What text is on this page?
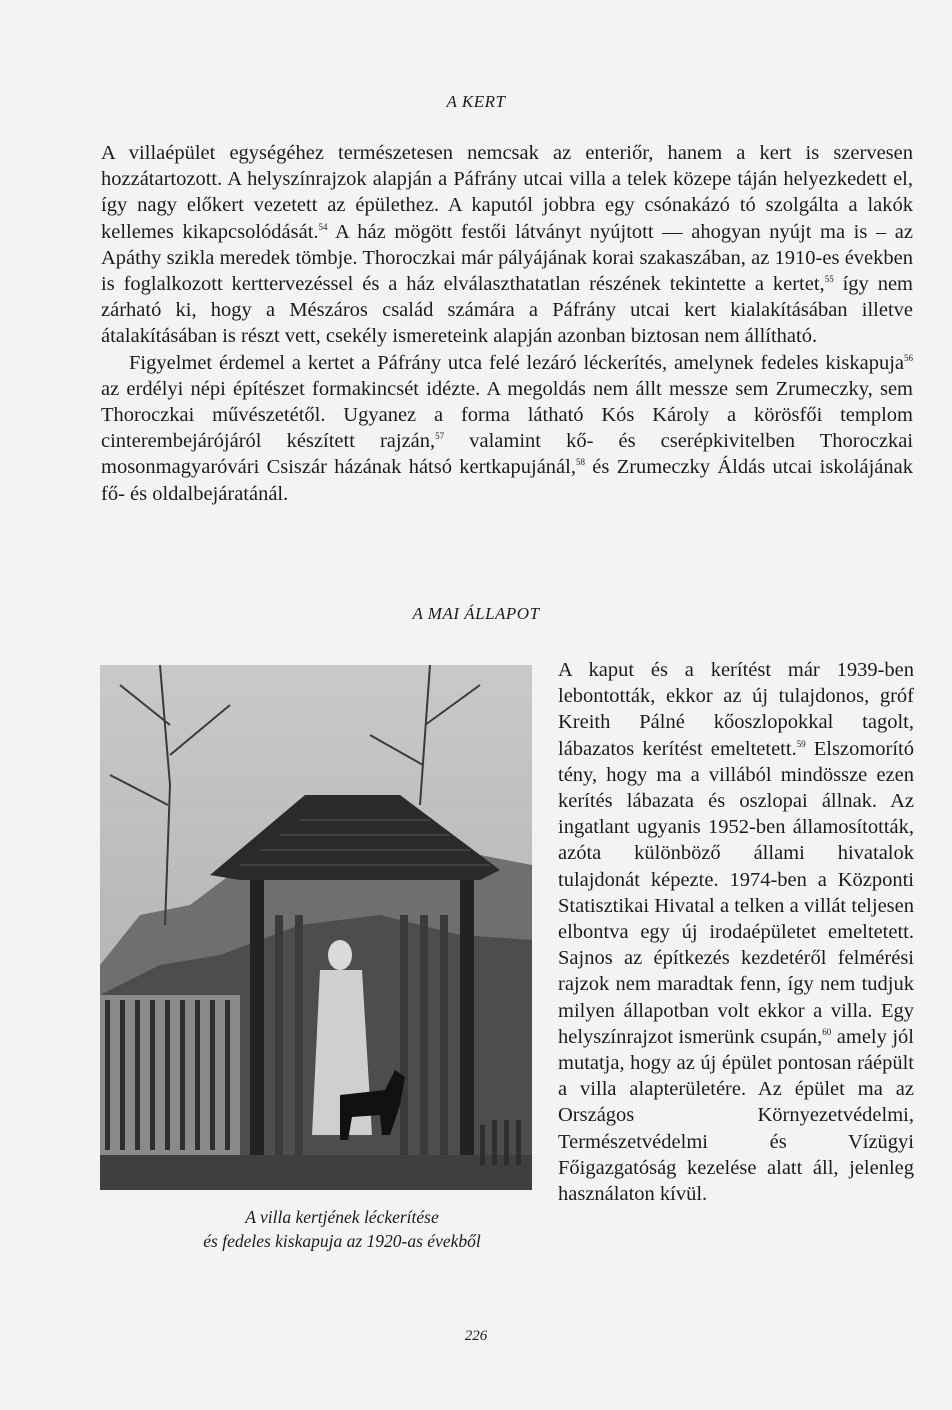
A KERT

A villaépület egységéhez természetesen nemcsak az enteriőr, hanem a kert is szervesen hozzátartozott. A helyszínrajzok alapján a Páfrány utcai villa a telek közepe táján helyezkedett el, így nagy előkert vezetett az épülethez. A kaputól jobbra egy csónakázó tó szolgálta a lakók kellemes kikapcsolódását.$^{54}$ A ház mögött festői látványt nyújtott — ahogyan nyújt ma is – az Apáthy szikla meredek tömbje. Thoroczkai már pályájának korai szakaszában, az 1910-es években is foglalkozott kerttervezéssel és a ház elválaszthatatlan részének tekintette a kertet,$^{55}$ így nem zárható ki, hogy a Mészáros család számára a Páfrány utcai kert kialakításában illetve átalakításában is részt vett, csekély ismereteink alapján azonban biztosan nem állítható.

Figyelmet érdemel a kertet a Páfrány utca felé lezáró léckerítés, amelynek fedeles kiskapuja$^{56}$ az erdélyi népi építészet formakincsét idézte. A megoldás nem állt messze sem Zrumeczky, sem Thoroczkai művészetétől. Ugyanez a forma látható Kós Károly a körösfői templom cinterembejárójáról készített rajzán,$^{57}$ valamint kő- és cserépkivitelben Thoroczkai mosonmagyaróvári Csiszár házának hátsó kertkapujánál,$^{58}$ és Zrumeczky Áldás utcai iskolájának fő- és oldalbejáratánál.

A MAI ÁLLAPOT
A villa kertjének léckerítése
és fedeles kiskapuja az 1920-as évekből

A kaput és a kerítést már 1939-ben lebontották, ekkor az új tulajdonos, gróf Kreith Pálné kőoszlopokkal tagolt, lábazatos kerítést emeltetett.$^{59}$ Elszomorító tény, hogy ma a villából mindössze ezen kerítés lábazata és oszlopai állnak. Az ingatlant ugyanis 1952-ben államosították, azóta különböző állami hivatalok tulajdonát képezte. 1974-ben a Központi Statisztikai Hivatal a telken a villát teljesen elbontva egy új irodaépületet emeltetett. Sajnos az építkezés kezdetéről felmérési rajzok nem maradtak fenn, így nem tudjuk milyen állapotban volt ekkor a villa. Egy helyszínrajzot ismerünk csupán,$^{60}$ amely jól mutatja, hogy az új épület pontosan ráépült a villa alapterületére. Az épület ma az Országos Környezetvédelmi, Természetvédelmi és Vízügyi Főigazgatóság kezelése alatt áll, jelenleg használaton kívül.

226
